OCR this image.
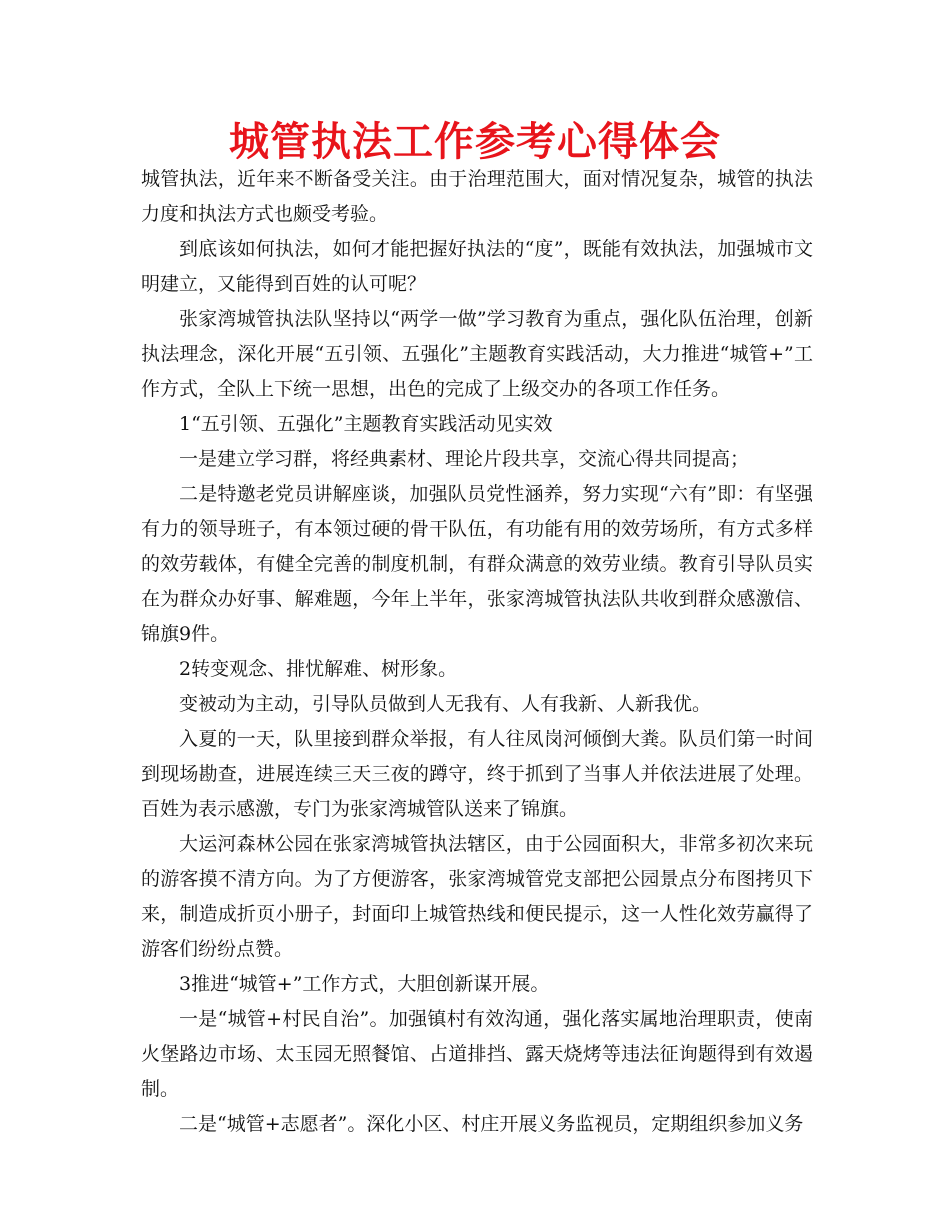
城管执法工作参考心得体会

城管执法，近年来不断备受关注。由于治理范围大，面对情况复杂，城管的执法力度和执法方式也颇受考验。

到底该如何执法，如何才能把握好执法的“度”，既能有效执法，加强城市文明建立，又能得到百姓的认可呢？

张家湾城管执法队坚持以“两学一做”学习教育为重点，强化队伍治理，创新执法理念，深化开展“五引领、五强化”主题教育实践活动，大力推进“城管+”工作方式，全队上下统一思想，出色的完成了上级交办的各项工作任务。

1“五引领、五强化”主题教育实践活动见实效

一是建立学习群，将经典素材、理论片段共享，交流心得共同提高；

二是特邀老党员讲解座谈，加强队员党性涵养，努力实现“六有”即：有坚强有力的领导班子，有本领过硬的骨干队伍，有功能有用的效劳场所，有方式多样的效劳载体，有健全完善的制度机制，有群众满意的效劳业绩。教育引导队员实在为群众办好事、解难题，今年上半年，张家湾城管执法队共收到群众感激信、锦旗9件。

2转变观念、排忧解难、树形象。

变被动为主动，引导队员做到人无我有、人有我新、人新我优。

入夏的一天，队里接到群众举报，有人往凤岗河倾倒大粪。队员们第一时间到现场勘查，进展连续三天三夜的蹲守，终于抓到了当事人并依法进展了处理。百姓为表示感激，专门为张家湾城管队送来了锦旗。

大运河森林公园在张家湾城管执法辖区，由于公园面积大，非常多初次来玩的游客摸不清方向。为了方便游客，张家湾城管党支部把公园景点分布图拷贝下来，制造成折页小册子，封面印上城管热线和便民提示，这一人性化效劳赢得了游客们纷纷点赞。

3推进“城管+”工作方式，大胆创新谋开展。

一是“城管+村民自治”。加强镇村有效沟通，强化落实属地治理职责，使南火堡路边市场、太玉园无照餐馆、占道排挡、露天烧烤等违法征询题得到有效遏制。

二是“城管+志愿者”。深化小区、村庄开展义务监视员，定期组织参加义务
